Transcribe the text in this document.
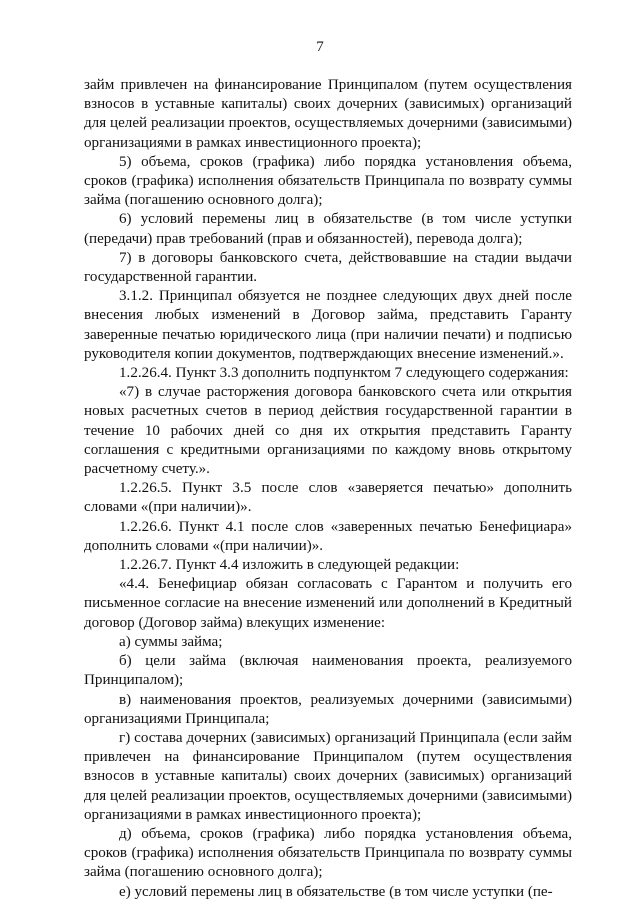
7

займ привлечен на финансирование Принципалом (путем осуществления взносов в уставные капиталы) своих дочерних (зависимых) организаций для целей реализации проектов, осуществляемых дочерними (зависимыми) организациями в рамках инвестиционного проекта);

5) объема, сроков (графика) либо порядка установления объема, сроков (графика) исполнения обязательств Принципала по возврату суммы займа (погашению основного долга);

6) условий перемены лиц в обязательстве (в том числе уступки (передачи) прав требований (прав и обязанностей), перевода долга);

7) в договоры банковского счета, действовавшие на стадии выдачи государственной гарантии.

3.1.2. Принципал обязуется не позднее следующих двух дней после внесения любых изменений в Договор займа, представить Гаранту заверенные печатью юридического лица (при наличии печати) и подписью руководителя копии документов, подтверждающих внесение изменений.».

1.2.26.4. Пункт 3.3 дополнить подпунктом 7 следующего содержания:

«7) в случае расторжения договора банковского счета или открытия новых расчетных счетов в период действия государственной гарантии в течение 10 рабочих дней со дня их открытия представить Гаранту соглашения с кредитными организациями по каждому вновь открытому расчетному счету.».

1.2.26.5. Пункт 3.5 после слов «заверяется печатью» дополнить словами «(при наличии)».

1.2.26.6. Пункт 4.1 после слов «заверенных печатью Бенефициара» дополнить словами «(при наличии)».

1.2.26.7. Пункт 4.4 изложить в следующей редакции:

«4.4. Бенефициар обязан согласовать с Гарантом и получить его письменное согласие на внесение изменений или дополнений в Кредитный договор (Договор займа) влекущих изменение:

а) суммы займа;

б) цели займа (включая наименования проекта, реализуемого Принципалом);

в) наименования проектов, реализуемых дочерними (зависимыми) организациями Принципала;

г) состава дочерних (зависимых) организаций Принципала (если займ привлечен на финансирование Принципалом (путем осуществления взносов в уставные капиталы) своих дочерних (зависимых) организаций для целей реализации проектов, осуществляемых дочерними (зависимыми) организациями в рамках инвестиционного проекта);

д) объема, сроков (графика) либо порядка установления объема, сроков (графика) исполнения обязательств Принципала по возврату суммы займа (погашению основного долга);

е) условий перемены лиц в обязательстве (в том числе уступки (пе-
